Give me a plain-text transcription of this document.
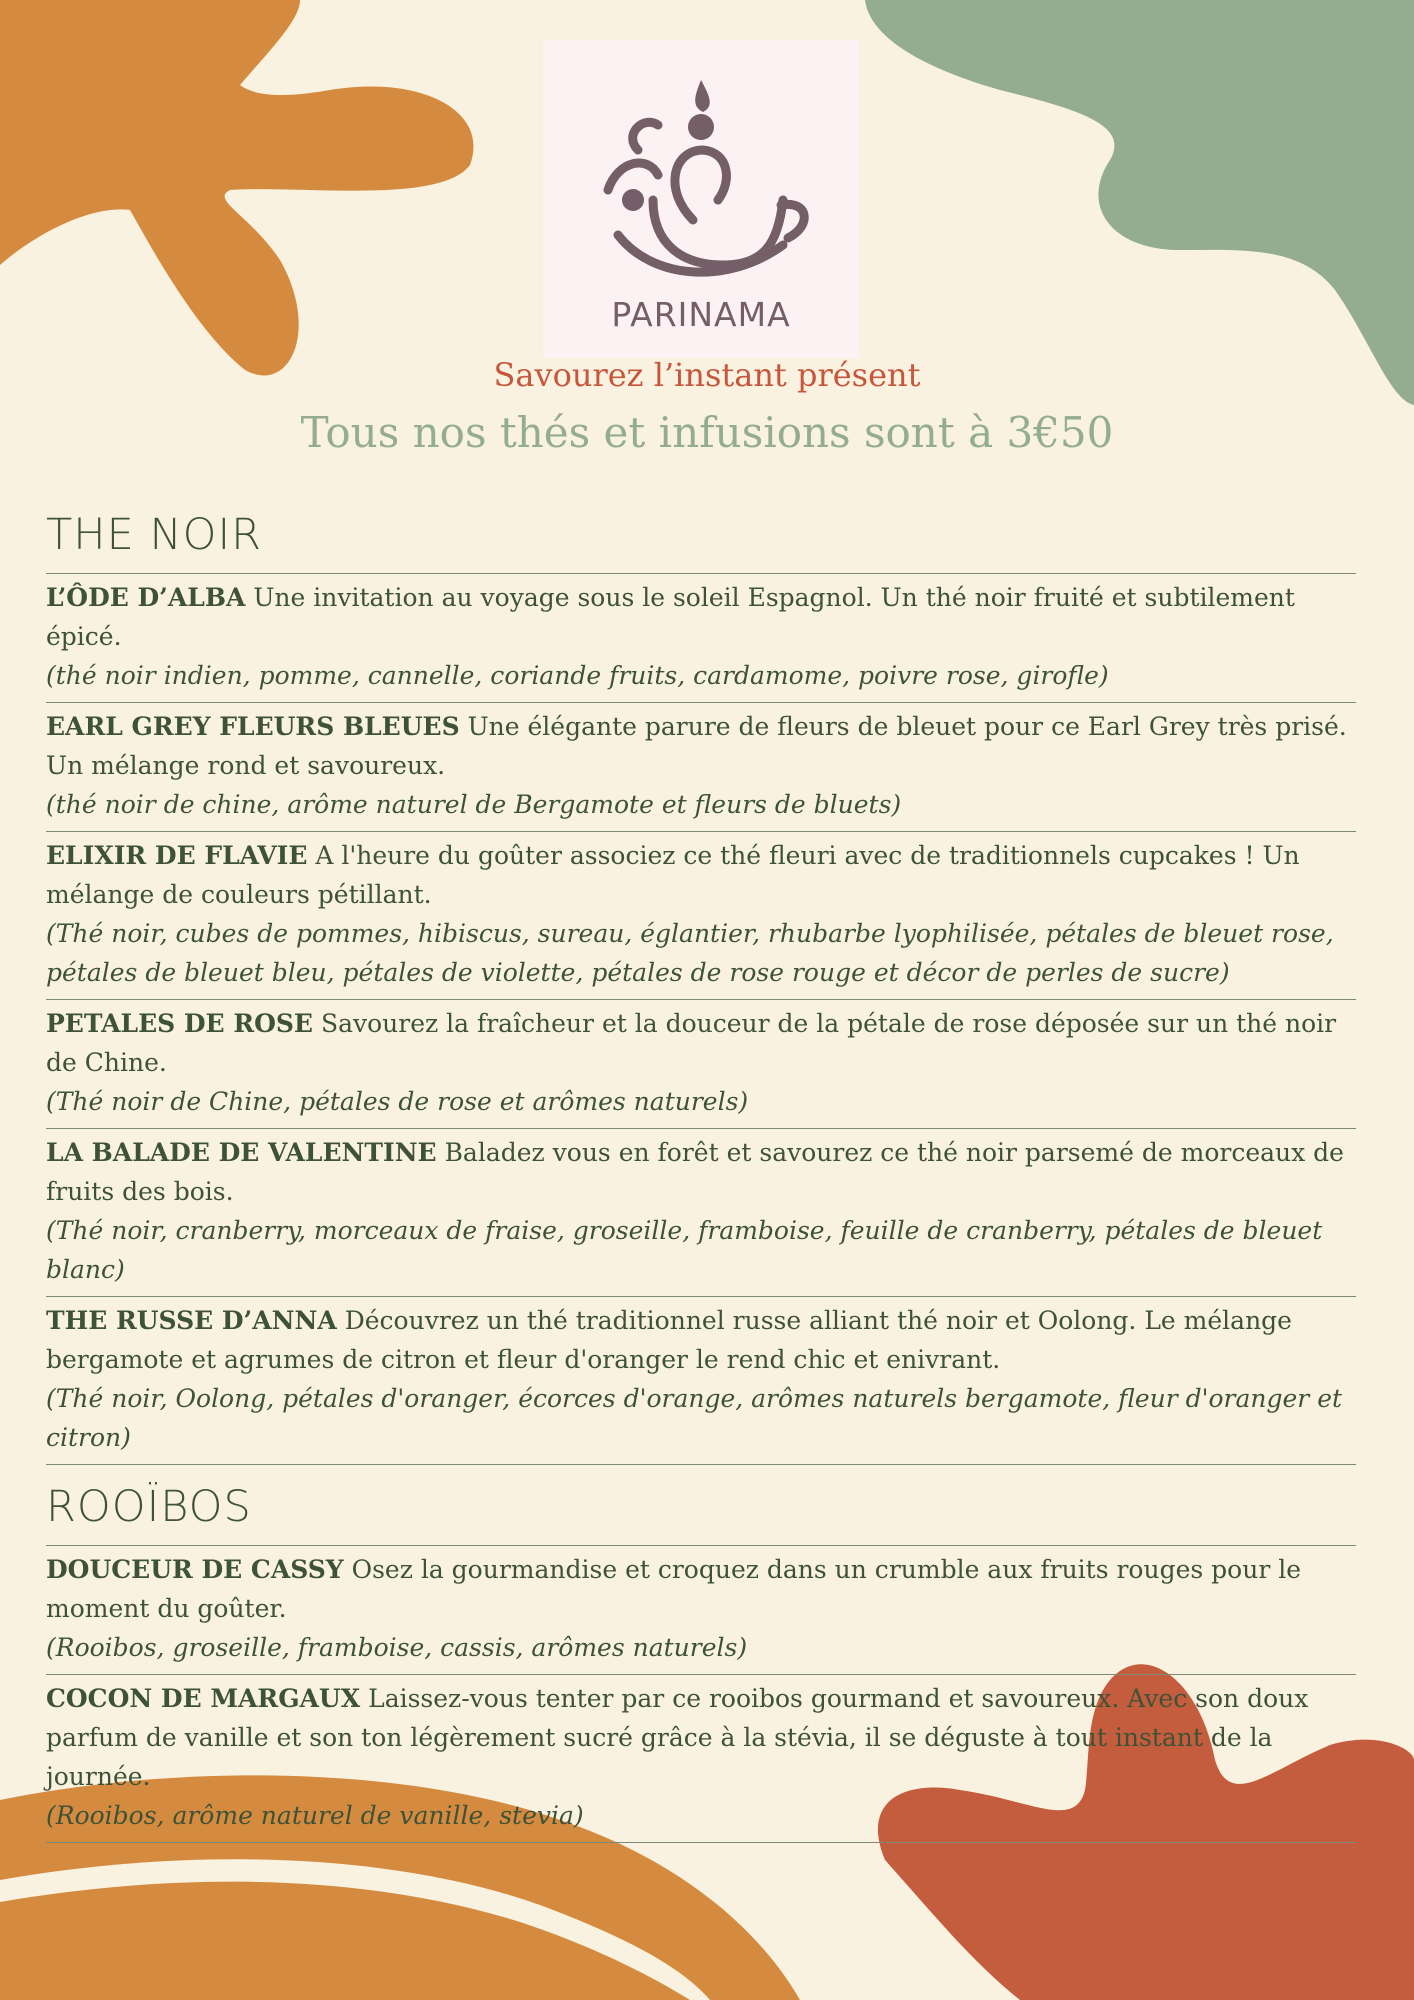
PARINAMA
Savourez l’instant présent
Tous nos thés et infusions sont à 3€50
THE NOIR
L’ÔDE D’ALBA Une invitation au voyage sous le soleil Espagnol. Un thé noir fruité et subtilement épicé.
(thé noir indien, pomme, cannelle, coriande fruits, cardamome, poivre rose, girofle)
EARL GREY FLEURS BLEUES Une élégante parure de fleurs de bleuet pour ce Earl Grey très prisé. Un mélange rond et savoureux.
(thé noir de chine, arôme naturel de Bergamote et fleurs de bluets)
ELIXIR DE FLAVIE A l'heure du goûter associez ce thé fleuri avec de traditionnels cupcakes ! Un mélange de couleurs pétillant.
(Thé noir, cubes de pommes, hibiscus, sureau, églantier, rhubarbe lyophilisée, pétales de bleuet rose, pétales de bleuet bleu, pétales de violette, pétales de rose rouge et décor de perles de sucre)
PETALES DE ROSE Savourez la fraîcheur et la douceur de la pétale de rose déposée sur un thé noir de Chine.
(Thé noir de Chine, pétales de rose et arômes naturels)
LA BALADE DE VALENTINE Baladez vous en forêt et savourez ce thé noir parsemé de morceaux de fruits des bois.
(Thé noir, cranberry, morceaux de fraise, groseille, framboise, feuille de cranberry, pétales de bleuet blanc)
THE RUSSE D’ANNA Découvrez un thé traditionnel russe alliant thé noir et Oolong. Le mélange bergamote et agrumes de citron et fleur d'oranger le rend chic et enivrant.
(Thé noir, Oolong, pétales d'oranger, écorces d'orange, arômes naturels bergamote, fleur d'oranger et citron)
ROOÏBOS
DOUCEUR DE CASSY Osez la gourmandise et croquez dans un crumble aux fruits rouges pour le moment du goûter.
(Rooibos, groseille, framboise, cassis, arômes naturels)
COCON DE MARGAUX Laissez-vous tenter par ce rooibos gourmand et savoureux. Avec son doux parfum de vanille et son ton légèrement sucré grâce à la stévia, il se déguste à tout instant de la journée.
(Rooibos, arôme naturel de vanille, stevia)
